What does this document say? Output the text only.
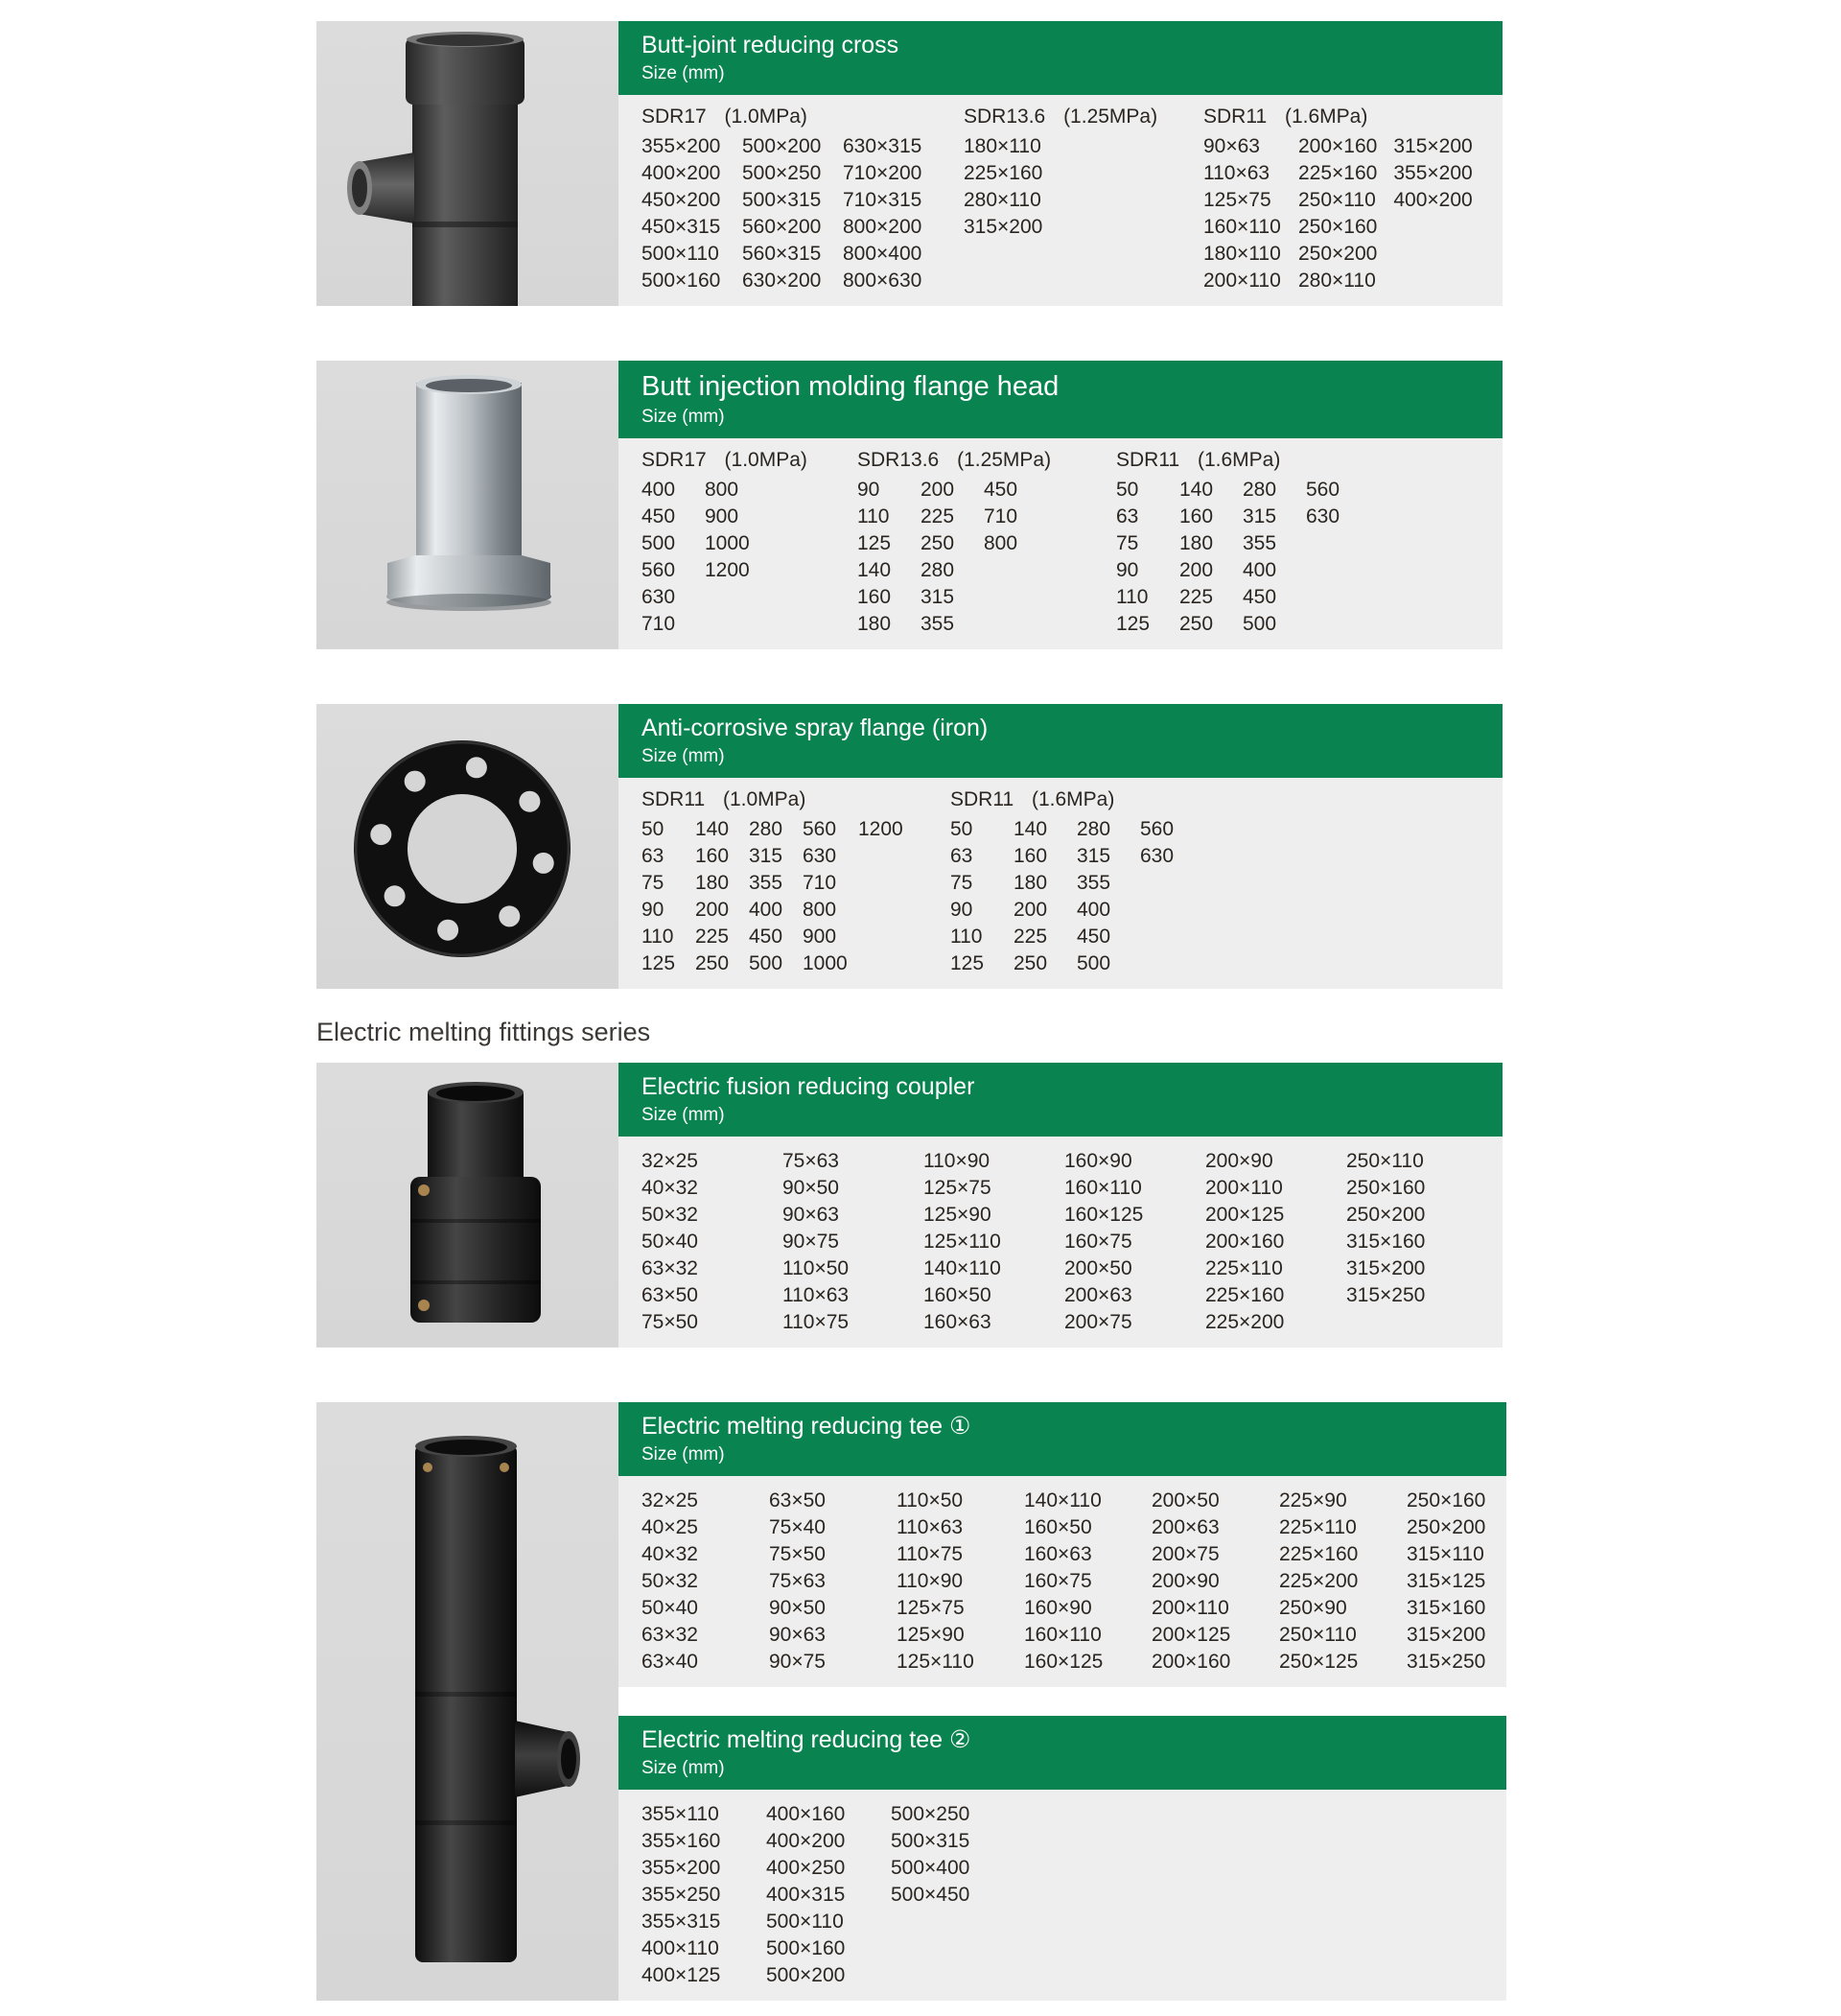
Butt-joint reducing cross
Size (mm)
SDR17 (1.0MPa)
355×200
400×200
450×200
450×315
500×110
500×160
500×200
500×250
500×315
560×200
560×315
630×200
630×315
710×200
710×315
800×200
800×400
800×630
SDR13.6 (1.25MPa)
180×110
225×160
280×110
315×200
SDR11 (1.6MPa)
90×63
110×63
125×75
160×110
180×110
200×110
200×160
225×160
250×110
250×160
250×200
280×110
315×200
355×200
400×200
Butt injection molding flange head
Size (mm)
SDR17 (1.0MPa)
400
450
500
560
630
710
800
900
1000
1200
SDR13.6 (1.25MPa)
90
110
125
140
160
180
200
225
250
280
315
355
450
710
800
SDR11 (1.6MPa)
50
63
75
90
110
125
140
160
180
200
225
250
280
315
355
400
450
500
560
630
Anti-corrosive spray flange (iron)
Size (mm)
SDR11 (1.0MPa)
50
63
75
90
110
125
140
160
180
200
225
250
280
315
355
400
450
500
560
630
710
800
900
1000
1200
SDR11 (1.6MPa)
50
63
75
90
110
125
140
160
180
200
225
250
280
315
355
400
450
500
560
630
Electric melting fittings series
Electric fusion reducing coupler
Size (mm)
32×25
40×32
50×32
50×40
63×32
63×50
75×50
75×63
90×50
90×63
90×75
110×50
110×63
110×75
110×90
125×75
125×90
125×110
140×110
160×50
160×63
160×90
160×110
160×125
160×75
200×50
200×63
200×75
200×90
200×110
200×125
200×160
225×110
225×160
225×200
250×110
250×160
250×200
315×160
315×200
315×250
Electric melting reducing tee ①
Size (mm)
32×25
40×25
40×32
50×32
50×40
63×32
63×40
63×50
75×40
75×50
75×63
90×50
90×63
90×75
110×50
110×63
110×75
110×90
125×75
125×90
125×110
140×110
160×50
160×63
160×75
160×90
160×110
160×125
200×50
200×63
200×75
200×90
200×110
200×125
200×160
225×90
225×110
225×160
225×200
250×90
250×110
250×125
250×160
250×200
315×110
315×125
315×160
315×200
315×250
Electric melting reducing tee ②
Size (mm)
355×110
355×160
355×200
355×250
355×315
400×110
400×125
400×160
400×200
400×250
400×315
500×110
500×160
500×200
500×250
500×315
500×400
500×450
